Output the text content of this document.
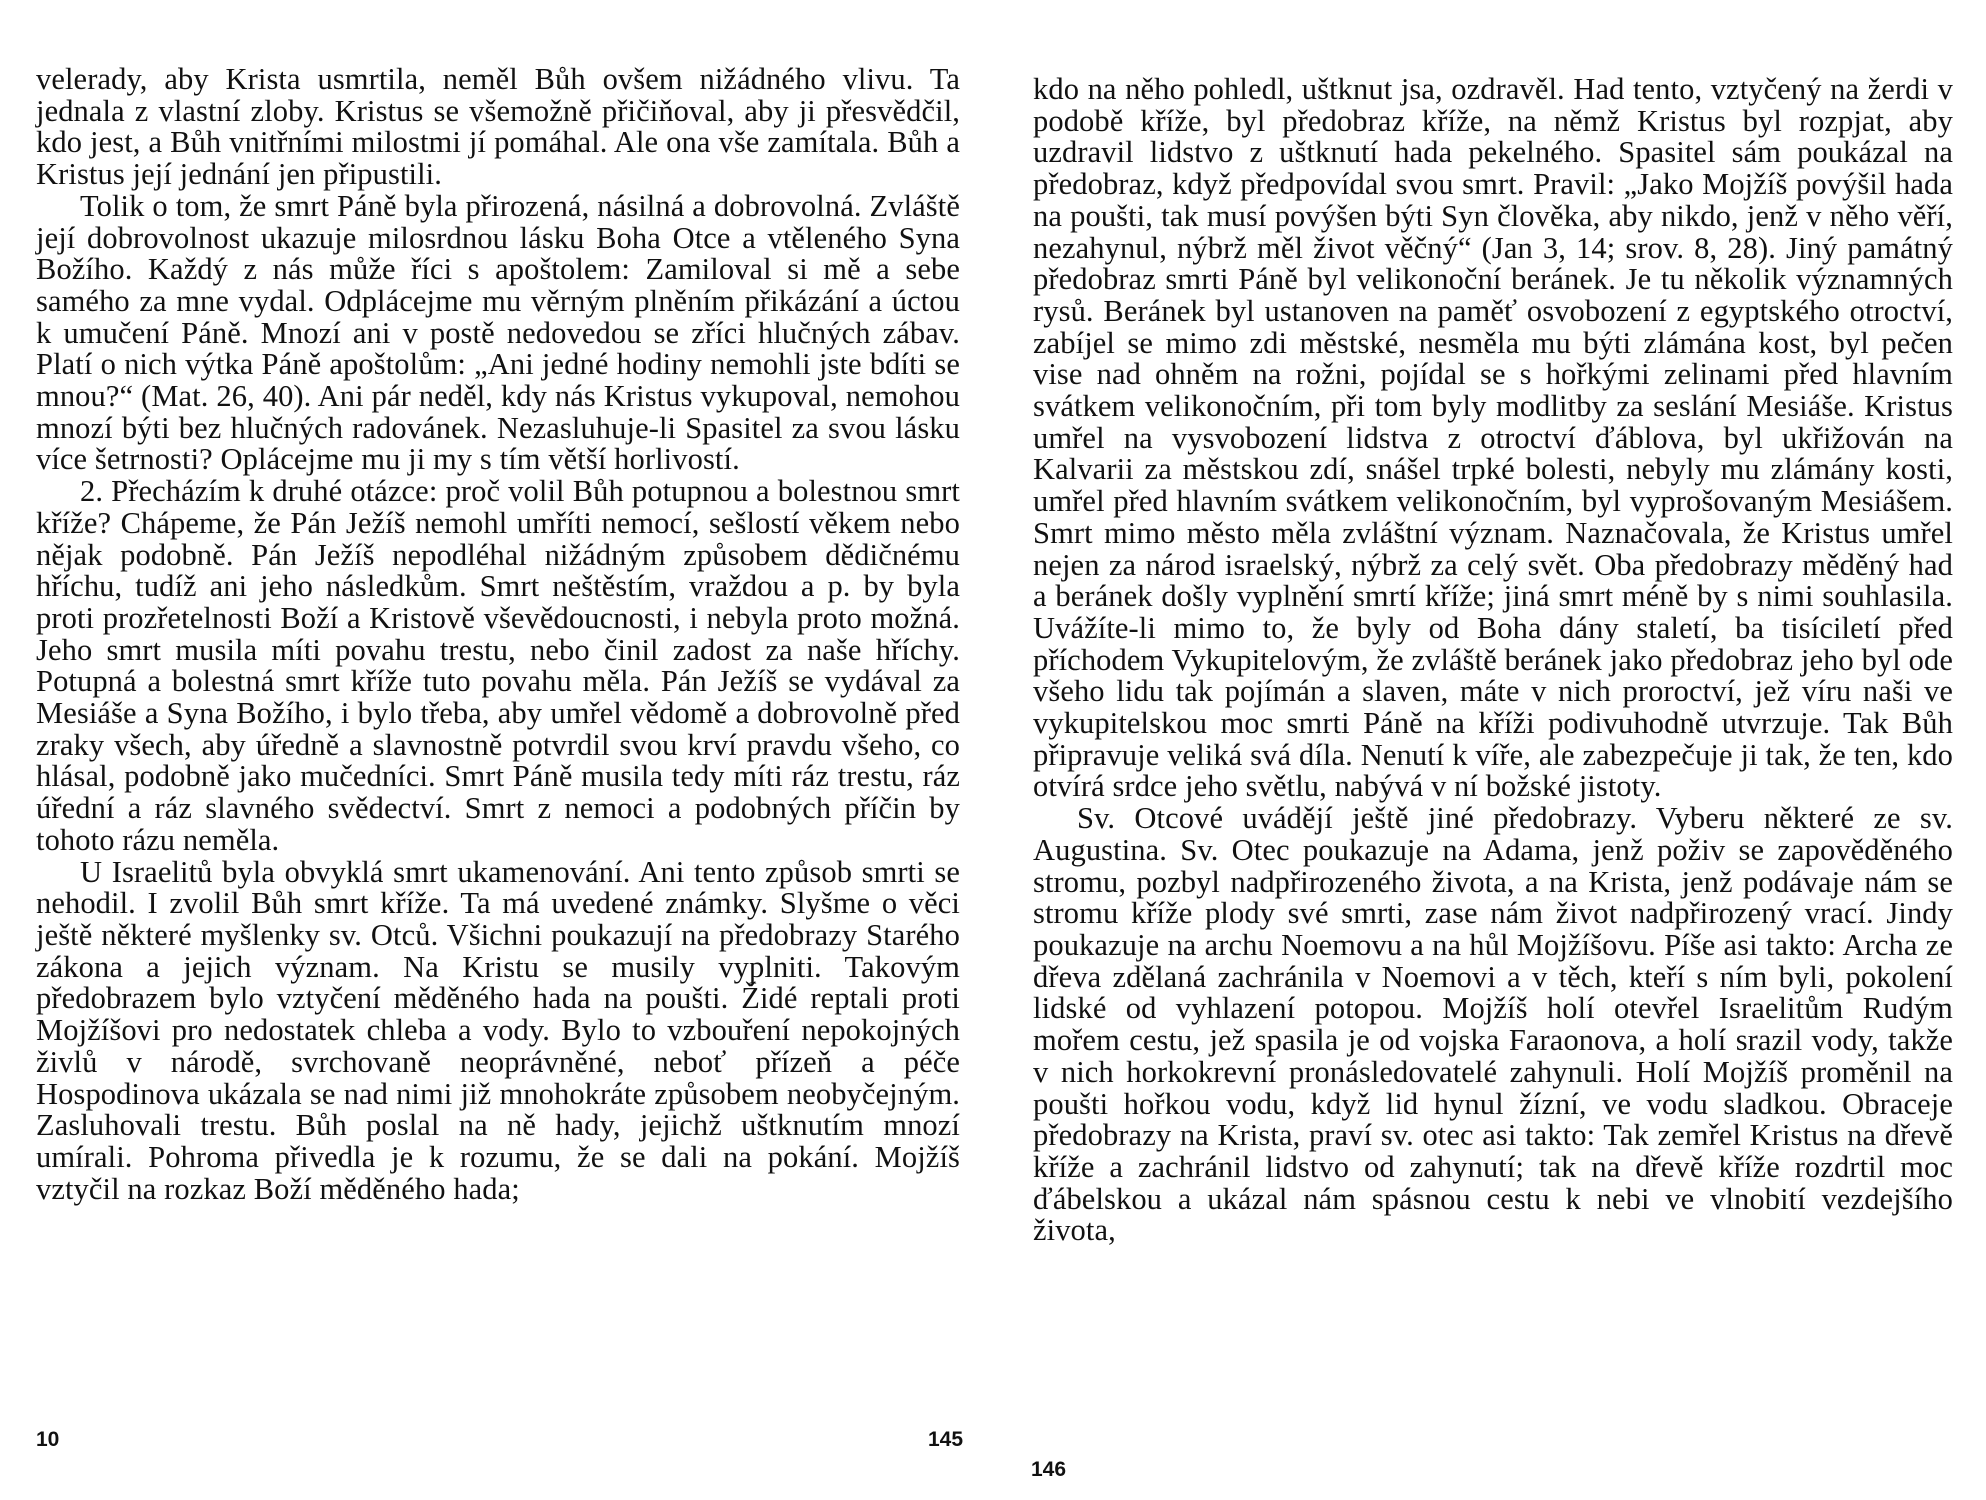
velerady, aby Krista usmrtila, neměl Bůh ovšem nižádného vlivu. Ta jednala z vlastní zloby. Kristus se všemožně přičiňoval, aby ji přesvědčil, kdo jest, a Bůh vnitřními milostmi jí pomáhal. Ale ona vše zamítala. Bůh a Kristus její jednání jen připustili.

Tolik o tom, že smrt Páně byla přirozená, násilná a dobrovolná. Zvláště její dobrovolnost ukazuje milosrdnou lásku Boha Otce a vtěleného Syna Božího. Každý z nás může říci s apoštolem: Zamiloval si mě a sebe samého za mne vydal. Odplácejme mu věrným plněním přikázání a úctou k umučení Páně. Mnozí ani v postě nedovedou se zříci hlučných zábav. Platí o nich výtka Páně apoštolům: „Ani jedné hodiny nemohli jste bdíti se mnou?“ (Mat. 26, 40). Ani pár neděl, kdy nás Kristus vykupoval, nemohou mnozí býti bez hlučných radovánek. Nezasluhuje-li Spasitel za svou lásku více šetrnosti? Oplácejme mu ji my s tím větší horlivostí.

2. Přecházím k druhé otázce: proč volil Bůh potupnou a bolestnou smrt kříže? Chápeme, že Pán Ježíš nemohl umříti nemocí, sešlostí věkem nebo nějak podobně. Pán Ježíš nepodléhal nižádným způsobem dědičnému hříchu, tudíž ani jeho následkům. Smrt neštěstím, vraždou a p. by byla proti prozřetelnosti Boží a Kristově vševědoucnosti, i nebyla proto možná. Jeho smrt musila míti povahu trestu, nebo činil zadost za naše hříchy. Potupná a bolestná smrt kříže tuto povahu měla. Pán Ježíš se vydával za Mesiáše a Syna Božího, i bylo třeba, aby umřel vědomě a dobrovolně před zraky všech, aby úředně a slavnostně potvrdil svou krví pravdu všeho, co hlásal, podobně jako mučedníci. Smrt Páně musila tedy míti ráz trestu, ráz úřední a ráz slavného svědectví. Smrt z nemoci a podobných příčin by tohoto rázu neměla.

U Israelitů byla obvyklá smrt ukamenování. Ani tento způsob smrti se nehodil. I zvolil Bůh smrt kříže. Ta má uvedené známky. Slyšme o věci ještě některé myšlenky sv. Otců. Všichni poukazují na předobrazy Starého zákona a jejich význam. Na Kristu se musily vyplniti. Takovým předobrazem bylo vztyčení měděného hada na poušti. Židé reptali proti Mojžíšovi pro nedostatek chleba a vody. Bylo to vzbouření nepokojných živlů v národě, svrchovaně neoprávněné, neboť přízeň a péče Hospodinova ukázala se nad nimi již mnohokráte způsobem neobyčejným. Zasluhovali trestu. Bůh poslal na ně hady, jejichž uštknutím mnozí umírali. Pohroma přivedla je k rozumu, že se dali na pokání. Mojžíš vztyčil na rozkaz Boží měděného hada;

10	145

kdo na něho pohledl, uštknut jsa, ozdravěl. Had tento, vztyčený na žerdi v podobě kříže, byl předobraz kříže, na němž Kristus byl rozpjat, aby uzdravil lidstvo z uštknutí hada pekelného. Spasitel sám poukázal na předobraz, když předpovídal svou smrt. Pravil: „Jako Mojžíš povýšil hada na poušti, tak musí povýšen býti Syn člověka, aby nikdo, jenž v něho věří, nezahynul, nýbrž měl život věčný“ (Jan 3, 14; srov. 8, 28). Jiný památný předobraz smrti Páně byl velikonoční beránek. Je tu několik významných rysů. Beránek byl ustanoven na paměť osvobození z egyptského otroctví, zabíjel se mimo zdi městské, nesměla mu býti zlámána kost, byl pečen vise nad ohněm na rožni, pojídal se s hořkými zelinami před hlavním svátkem velikonočním, při tom byly modlitby za seslání Mesiáše. Kristus umřel na vysvobození lidstva z otroctví ďáblova, byl ukřižován na Kalvarii za městskou zdí, snášel trpké bolesti, nebyly mu zlámány kosti, umřel před hlavním svátkem velikonočním, byl vyprošovaným Mesiášem. Smrt mimo město měla zvláštní význam. Naznačovala, že Kristus umřel nejen za národ israelský, nýbrž za celý svět. Oba předobrazy měděný had a beránek došly vyplnění smrtí kříže; jiná smrt méně by s nimi souhlasila. Uvážíte-li mimo to, že byly od Boha dány staletí, ba tisíciletí před příchodem Vykupitelovým, že zvláště beránek jako předobraz jeho byl ode všeho lidu tak pojímán a slaven, máte v nich proroctví, jež víru naši ve vykupitelskou moc smrti Páně na kříži podivuhodně utvrzuje. Tak Bůh připravuje veliká svá díla. Nenutí k víře, ale zabezpečuje ji tak, že ten, kdo otvírá srdce jeho světlu, nabývá v ní božské jistoty.

Sv. Otcové uvádějí ještě jiné předobrazy. Vyberu některé ze sv. Augustina. Sv. Otec poukazuje na Adama, jenž poživ se zapověděného stromu, pozbyl nadpřirozeného života, a na Krista, jenž podávaje nám se stromu kříže plody své smrti, zase nám život nadpřirozený vrací. Jindy poukazuje na archu Noemovu a na hůl Mojžíšovu. Píše asi takto: Archa ze dřeva zdělaná zachránila v Noemovi a v těch, kteří s ním byli, pokolení lidské od vyhlazení potopou. Mojžíš holí otevřel Israelitům Rudým mořem cestu, jež spasila je od vojska Faraonova, a holí srazil vody, takže v nich horkokrevní pronásledovatelé zahynuli. Holí Mojžíš proměnil na poušti hořkou vodu, když lid hynul žízní, ve vodu sladkou. Obraceje předobrazy na Krista, praví sv. otec asi takto: Tak zemřel Kristus na dřevě kříže a zachránil lidstvo od zahynutí; tak na dřevě kříže rozdrtil moc ďábelskou a ukázal nám spásnou cestu k nebi ve vlnobití vezdejšího života,

146
